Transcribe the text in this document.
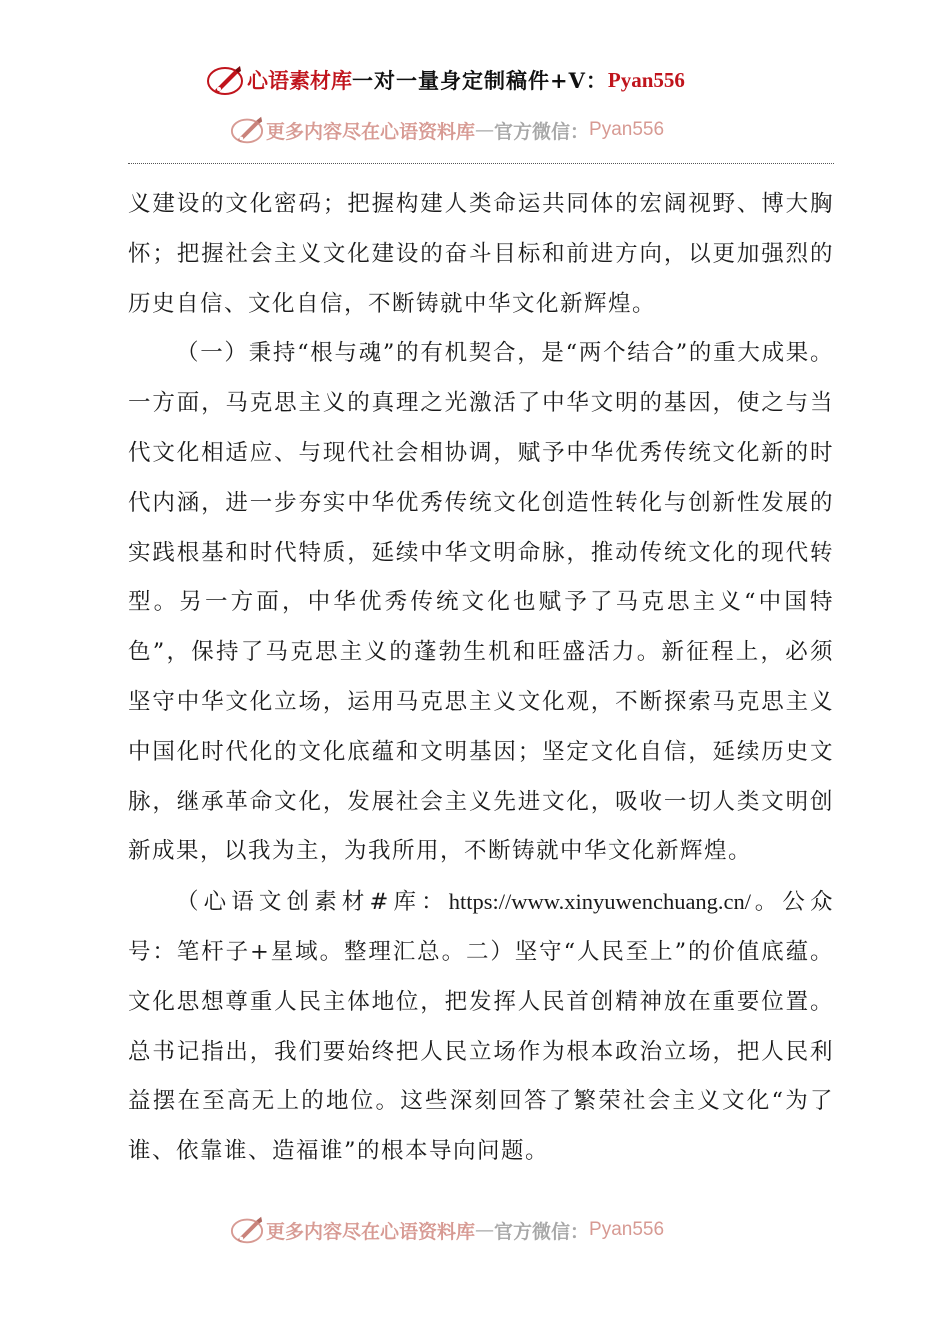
心语素材库 一对一量身定制稿件+V： Pyan556
更多内容尽在心语资料库 — 官方微信： Pyan556

义建设的文化密码；把握构建人类命运共同体的宏阔视野、博大胸怀；把握社会主义文化建设的奋斗目标和前进方向，以更加强烈的历史自信、文化自信，不断铸就中华文化新辉煌。

（一）秉持“根与魂”的有机契合，是“两个结合”的重大成果。一方面，马克思主义的真理之光激活了中华文明的基因，使之与当代文化相适应、与现代社会相协调，赋予中华优秀传统文化新的时代内涵，进一步夯实中华优秀传统文化创造性转化与创新性发展的实践根基和时代特质，延续中华文明命脉，推动传统文化的现代转型。另一方面，中华优秀传统文化也赋予了马克思主义“中国特色”，保持了马克思主义的蓬勃生机和旺盛活力。新征程上，必须坚守中华文化立场，运用马克思主义文化观，不断探索马克思主义中国化时代化的文化底蕴和文明基因；坚定文化自信，延续历史文脉，继承革命文化，发展社会主义先进文化，吸收一切人类文明创新成果，以我为主，为我所用，不断铸就中华文化新辉煌。

（心语文创素材#库：https://www.xinyuwenchuang.cn/。公众号：笔杆子+星域。整理汇总。二）坚守“人民至上”的价值底蕴。文化思想尊重人民主体地位，把发挥人民首创精神放在重要位置。总书记指出，我们要始终把人民立场作为根本政治立场，把人民利益摆在至高无上的地位。这些深刻回答了繁荣社会主义文化“为了谁、依靠谁、造福谁”的根本导向问题。

更多内容尽在心语资料库 — 官方微信： Pyan556
